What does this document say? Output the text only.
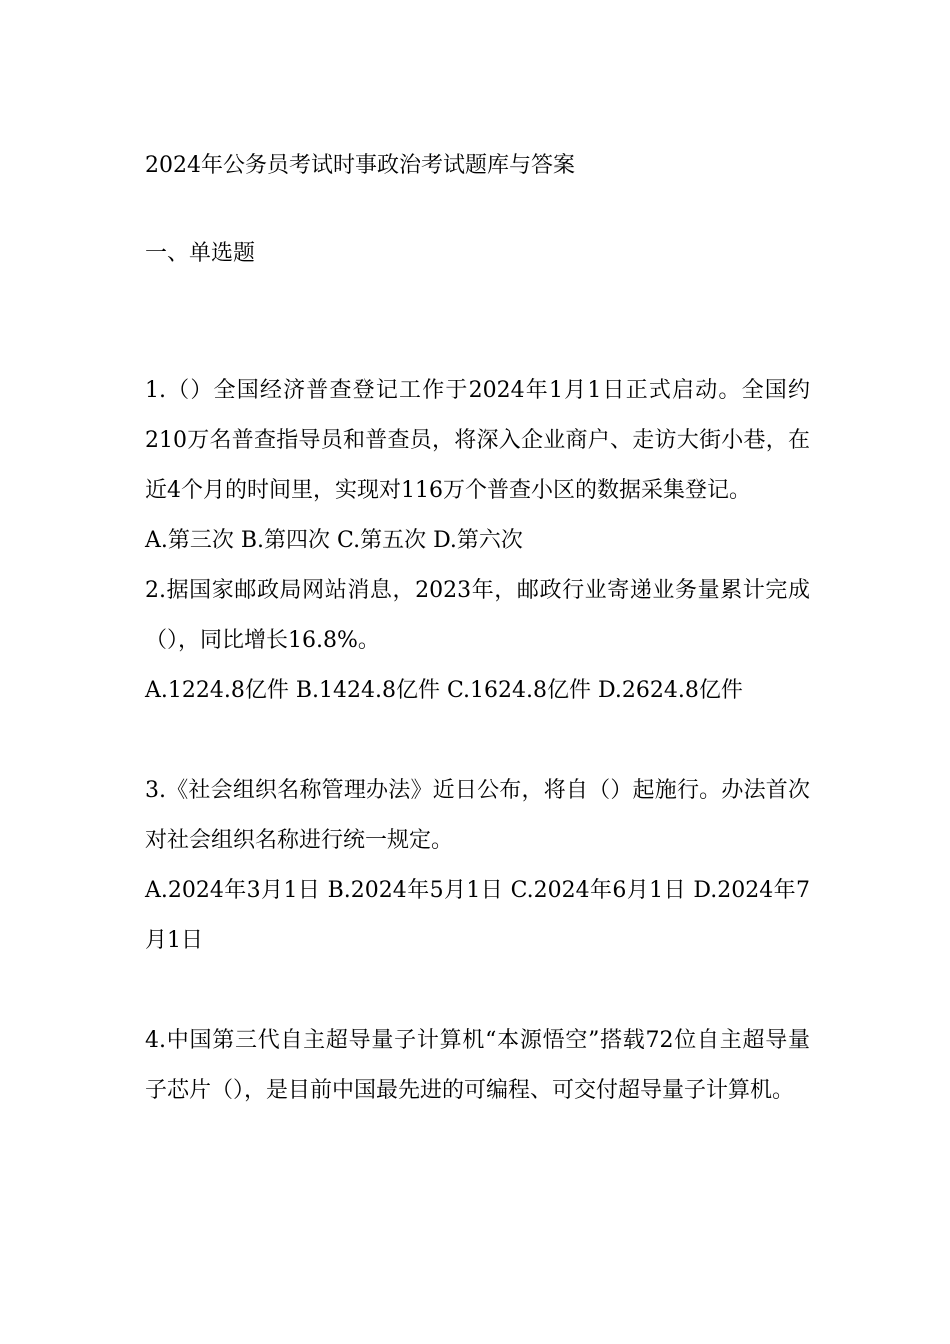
2024年公务员考试时事政治考试题库与答案
一、单选题

1.（）全国经济普查登记工作于2024年1月1日正式启动。全国约210万名普查指导员和普查员，将深入企业商户、走访大街小巷，在近4个月的时间里，实现对116万个普查小区的数据采集登记。

A.第三次 B.第四次 C.第五次 D.第六次

2.据国家邮政局网站消息，2023年，邮政行业寄递业务量累计完成（），同比增长16.8%。

A.1224.8亿件 B.1424.8亿件 C.1624.8亿件 D.2624.8亿件

3.《社会组织名称管理办法》近日公布，将自（）起施行。办法首次对社会组织名称进行统一规定。

A.2024年3月1日 B.2024年5月1日 C.2024年6月1日 D.2024年7月1日

4.中国第三代自主超导量子计算机“本源悟空”搭载72位自主超导量子芯片（），是目前中国最先进的可编程、可交付超导量子计算机。
